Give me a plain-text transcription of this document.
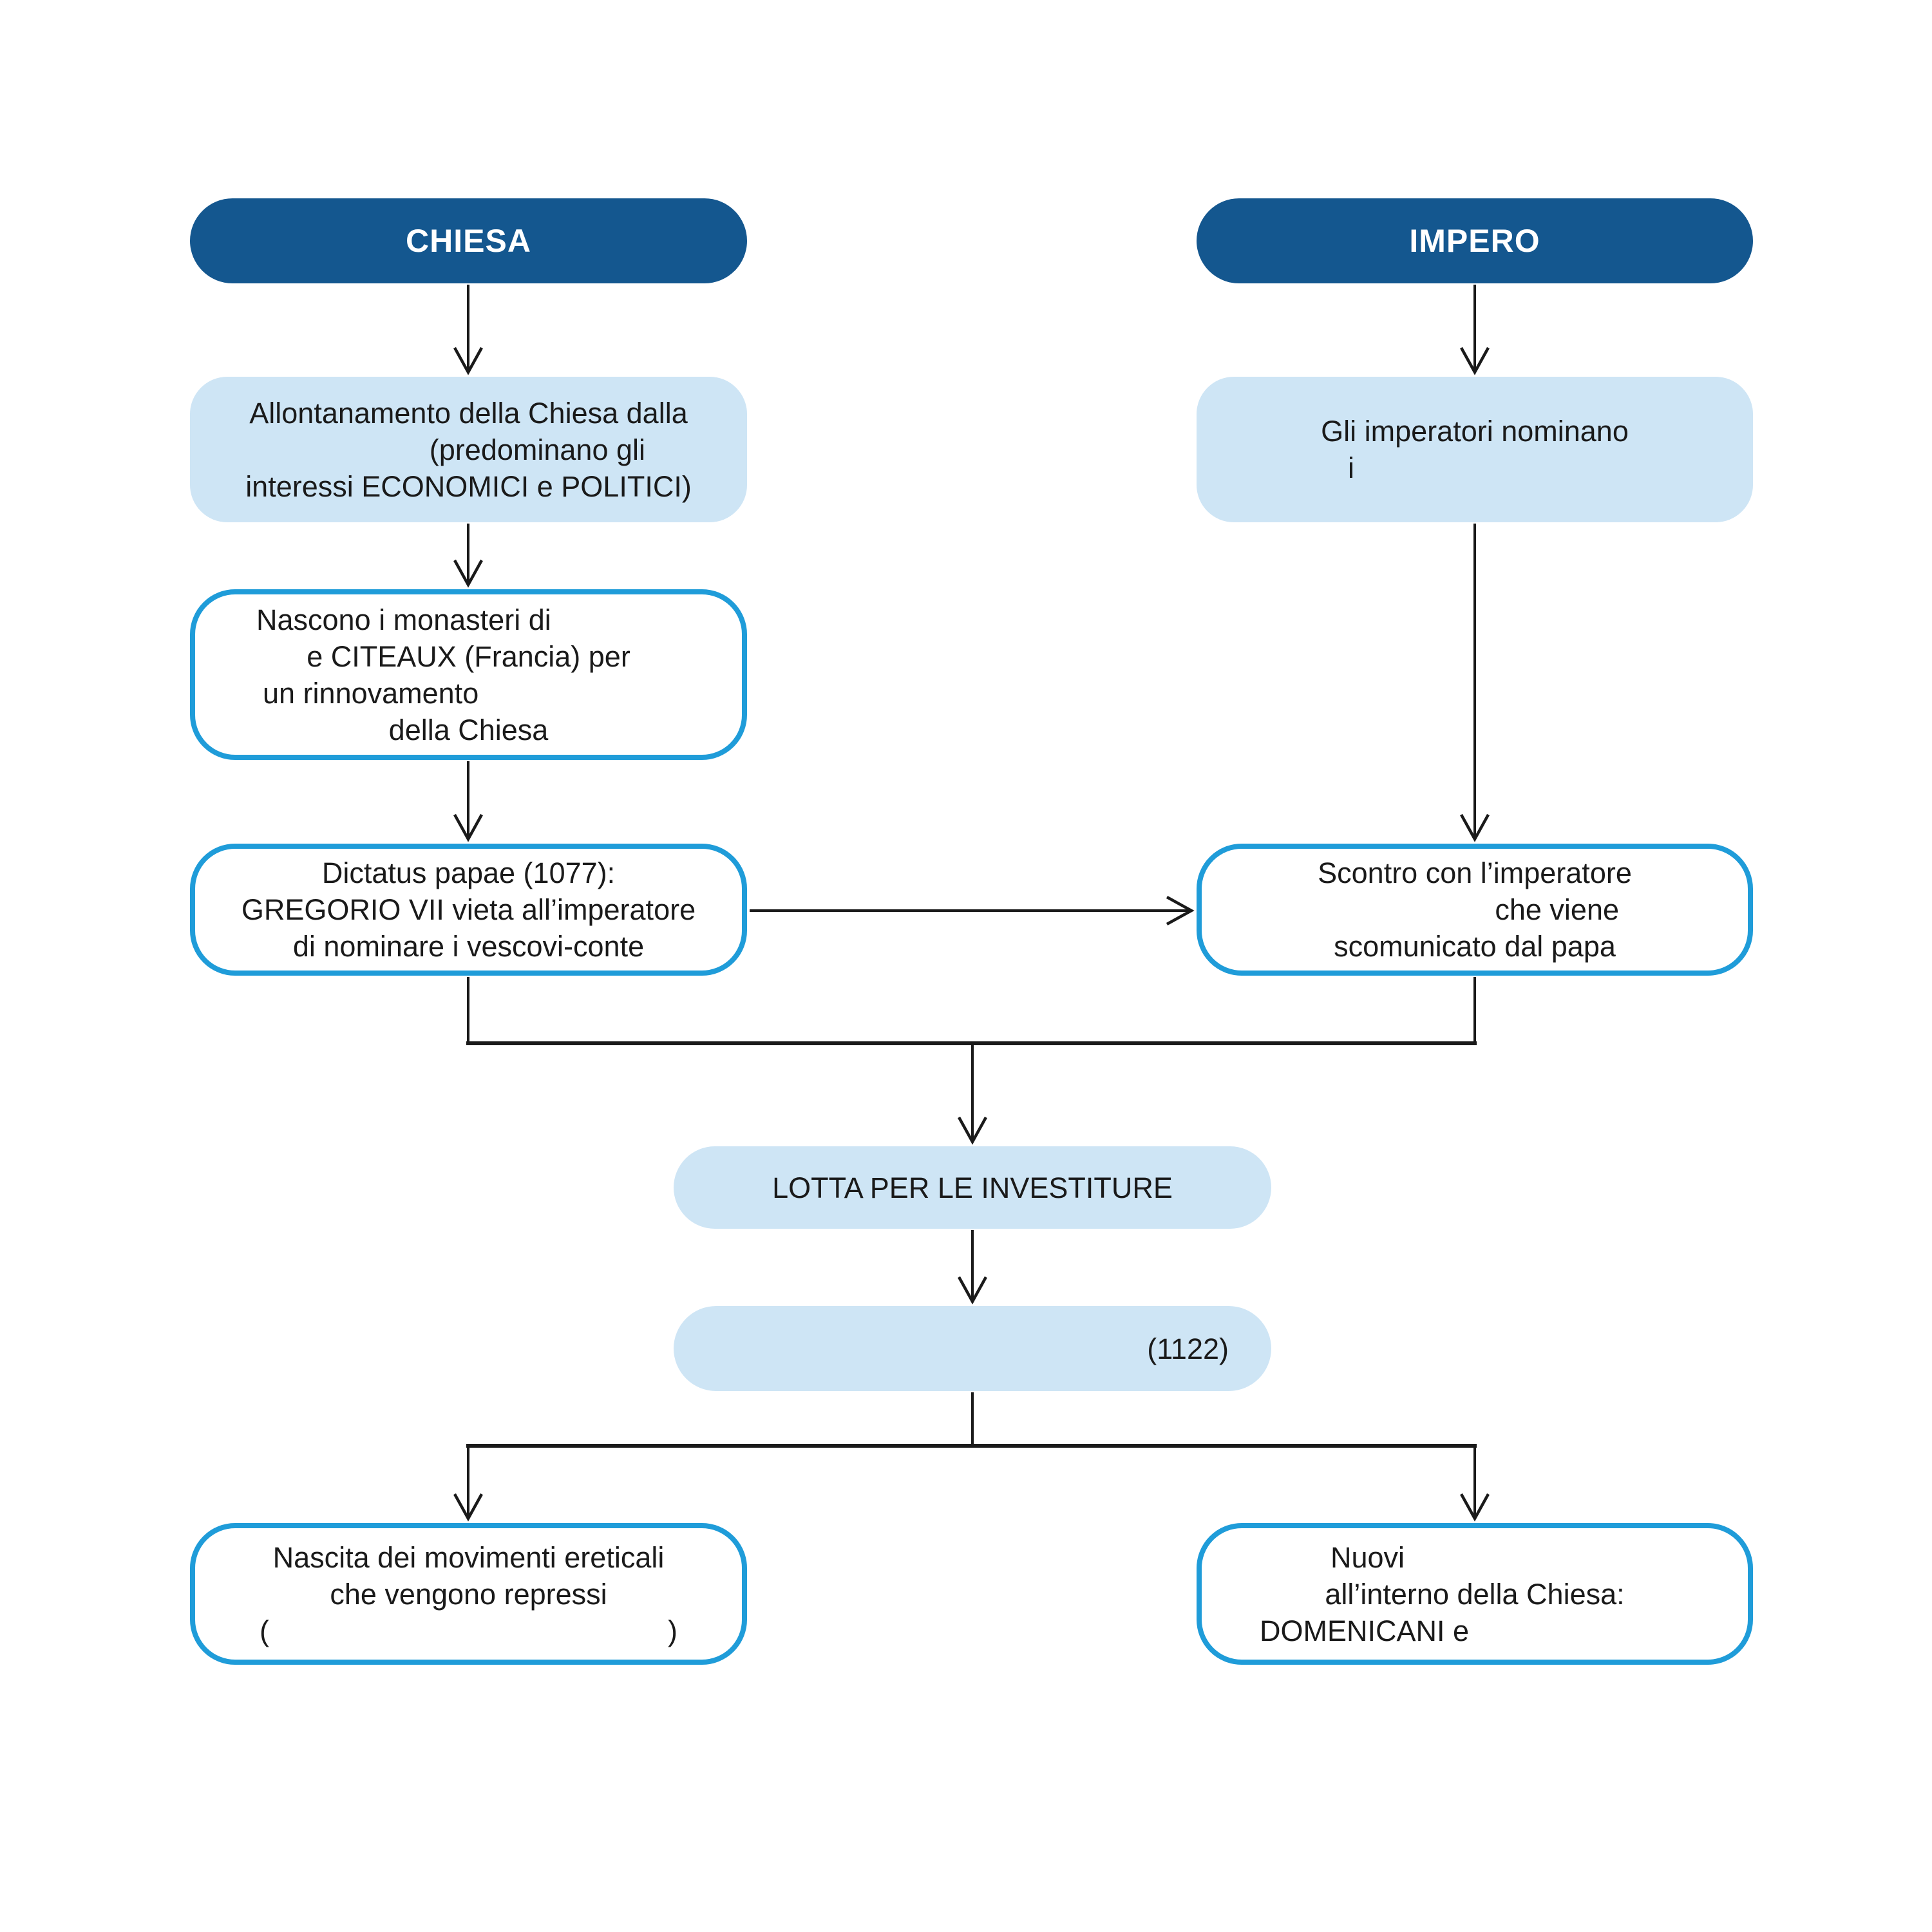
CHIESA	IMPERO
Allontanamento della Chiesa dalla
(predominano gli
interessi ECONOMICI e POLITICI)
Gli imperatori nominano
i
Nascono i monasteri di
e CITEAUX (Francia) per
un rinnovamento
della Chiesa
Dictatus papae (1077):
GREGORIO VII vieta all’imperatore
di nominare i vescovi-conte
Scontro con l’imperatore
che viene
scomunicato dal papa
LOTTA PER LE INVESTITURE
(1122)
Nascita dei movimenti ereticali
che vengono repressi
(	)
Nuovi
all’interno della Chiesa:
DOMENICANI e
